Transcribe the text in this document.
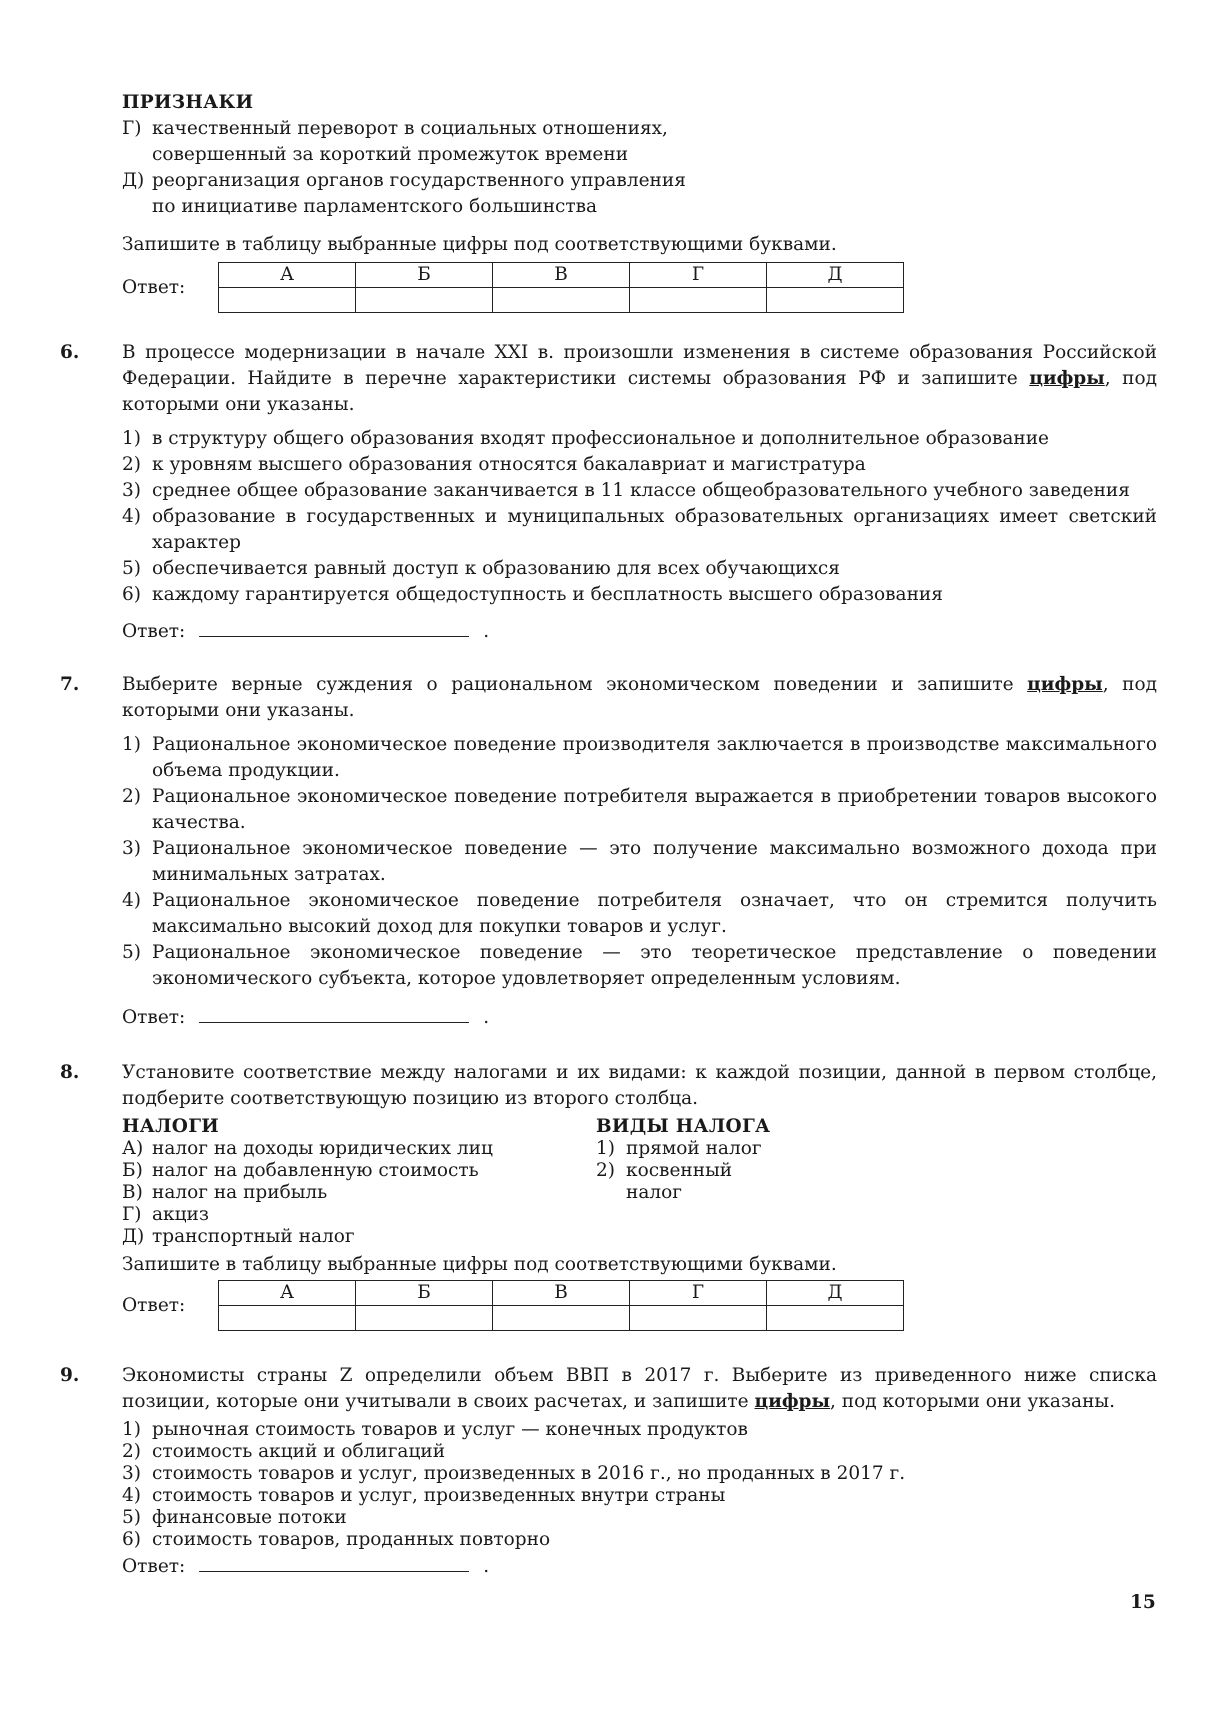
ПРИЗНАКИ
Г) качественный переворот в социальных отношениях, совершенный за короткий промежуток времени
Д) реорганизация органов государственного управления по инициативе парламентского большинства
Запишите в таблицу выбранные цифры под соответствующими буквами.
Ответ:
А	Б	В	Г	Д

6. В процессе модернизации в начале XXI в. произошли изменения в системе образования Российской Федерации. Найдите в перечне характеристики системы образования РФ и запишите цифры, под которыми они указаны.
1) в структуру общего образования входят профессиональное и дополнительное образование
2) к уровням высшего образования относятся бакалавриат и магистратура
3) среднее общее образование заканчивается в 11 классе общеобразовательного учебного заведения
4) образование в государственных и муниципальных образовательных организациях имеет светский характер
5) обеспечивается равный доступ к образованию для всех обучающихся
6) каждому гарантируется общедоступность и бесплатность высшего образования
Ответ:	.
7. Выберите верные суждения о рациональном экономическом поведении и запишите цифры, под которыми они указаны.
1) Рациональное экономическое поведение производителя заключается в производстве максимального объема продукции.
2) Рациональное экономическое поведение потребителя выражается в приобретении товаров высокого качества.
3) Рациональное экономическое поведение — это получение максимально возможного дохода при минимальных затратах.
4) Рациональное экономическое поведение потребителя означает, что он стремится получить максимально высокий доход для покупки товаров и услуг.
5) Рациональное экономическое поведение — это теоретическое представление о поведении экономического субъекта, которое удовлетворяет определенным условиям.
Ответ:	.
8. Установите соответствие между налогами и их видами: к каждой позиции, данной в первом столбце, подберите соответствующую позицию из второго столбца.
НАЛОГИ
А) налог на доходы юридических лиц
Б) налог на добавленную стоимость
В) налог на прибыль
Г) акциз
Д) транспортный налог
ВИДЫ НАЛОГА
1) прямой налог
2) косвенный налог
Запишите в таблицу выбранные цифры под соответствующими буквами.
Ответ:
А	Б	В	Г	Д

9. Экономисты страны Z определили объем ВВП в 2017 г. Выберите из приведенного ниже списка позиции, которые они учитывали в своих расчетах, и запишите цифры, под которыми они указаны.
1) рыночная стоимость товаров и услуг — конечных продуктов
2) стоимость акций и облигаций
3) стоимость товаров и услуг, произведенных в 2016 г., но проданных в 2017 г.
4) стоимость товаров и услуг, произведенных внутри страны
5) финансовые потоки
6) стоимость товаров, проданных повторно
Ответ:	.
15
